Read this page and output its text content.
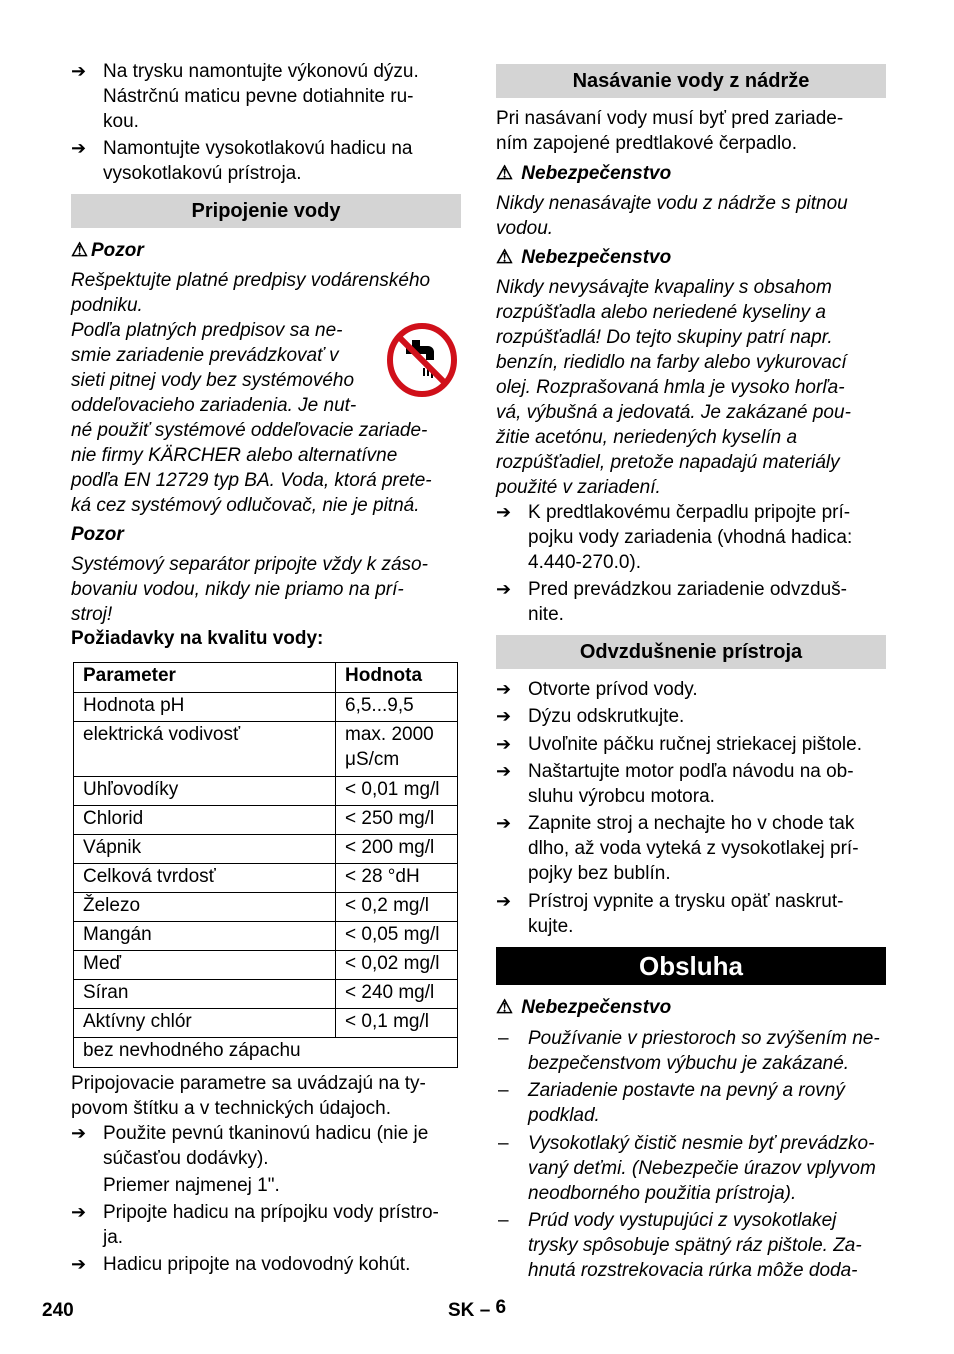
➔ Na trysku namontujte výkonovú dýzu.
Nástrčnú maticu pevne dotiahnite ru-
kou.
➔ Namontujte vysokotlakovú hadicu na
vysokotlakovú prístroja.
Pripojenie vody
⚠ Pozor
Rešpektujte platné predpisy vodárenského
podniku.
Podľa platných predpisov sa ne-
smie zariadenie prevádzkovať v
sieti pitnej vody bez systémového
oddeľovacieho zariadenia. Je nut-
né použiť systémové oddeľovacie zariade-
nie firmy KÄRCHER alebo alternatívne
podľa EN 12729 typ BA. Voda, ktorá prete-
ká cez systémový odlučovač, nie je pitná.
Pozor
Systémový separátor pripojte vždy k záso-
bovaniu vodou, nikdy nie priamo na prí-
stroj!
Požiadavky na kvalitu vody:
Parameter	Hodnota
Hodnota pH	6,5...9,5
elektrická vodivosť	max. 2000
μS/cm

Uhľovodíky	< 0,01 mg/l
Chlorid	< 250 mg/l
Vápnik	< 200 mg/l
Celková tvrdosť	< 28 °dH
Železo	< 0,2 mg/l
Mangán	< 0,05 mg/l
Meď	< 0,02 mg/l
Síran	< 240 mg/l
Aktívny chlór	< 0,1 mg/l
bez nevhodného zápachu	
Pripojovacie parametre sa uvádzajú na ty-
povom štítku a v technických údajoch.
➔ Použite pevnú tkaninovú hadicu (nie je
súčasťou dodávky).
Priemer najmenej 1".
➔ Pripojte hadicu na prípojku vody prístro-
ja.
➔ Hadicu pripojte na vodovodný kohút.
Nasávanie vody z nádrže
Pri nasávaní vody musí byť pred zariade-
ním zapojené predtlakové čerpadlo.
⚠ Nebezpečenstvo
Nikdy nenasávajte vodu z nádrže s pitnou
vodou.
⚠ Nebezpečenstvo
Nikdy nevysávajte kvapaliny s obsahom
rozpúšťadla alebo neriedené kyseliny a
rozpúšťadlá! Do tejto skupiny patrí napr.
benzín, riedidlo na farby alebo vykurovací
olej. Rozprašovaná hmla je vysoko horľa-
vá, výbušná a jedovatá. Je zakázané pou-
žitie acetónu, neriedených kyselín a
rozpúšťadiel, pretože napadajú materiály
použité v zariadení.
➔ K predtlakovému čerpadlu pripojte prí-
pojku vody zariadenia (vhodná hadica:
4.440-270.0).
➔ Pred prevádzkou zariadenie odvzduš-
nite.
Odvzdušnenie prístroja
➔ Otvorte prívod vody.
➔ Dýzu odskrutkujte.
➔ Uvoľnite páčku ručnej striekacej pištole.
➔ Naštartujte motor podľa návodu na ob-
sluhu výrobcu motora.
➔ Zapnite stroj a nechajte ho v chode tak
dlho, až voda vyteká z vysokotlakej prí-
pojky bez bublín.
➔ Prístroj vypnite a trysku opäť naskrut-
kujte.
Obsluha
⚠ Nebezpečenstvo
– Používanie v priestoroch so zvýšením ne-
bezpečenstvom výbuchu je zakázané.
– Zariadenie postavte na pevný a rovný
podklad.
– Vysokotlaký čistič nesmie byť prevádzko-
vaný deťmi. (Nebezpečie úrazov vplyvom
neodborného použitia prístroja).
– Prúd vody vystupujúci z vysokotlakej
trysky spôsobuje spätný ráz pištole. Za-
hnutá rozstrekovacia rúrka môže doda-
240	SK – 6
